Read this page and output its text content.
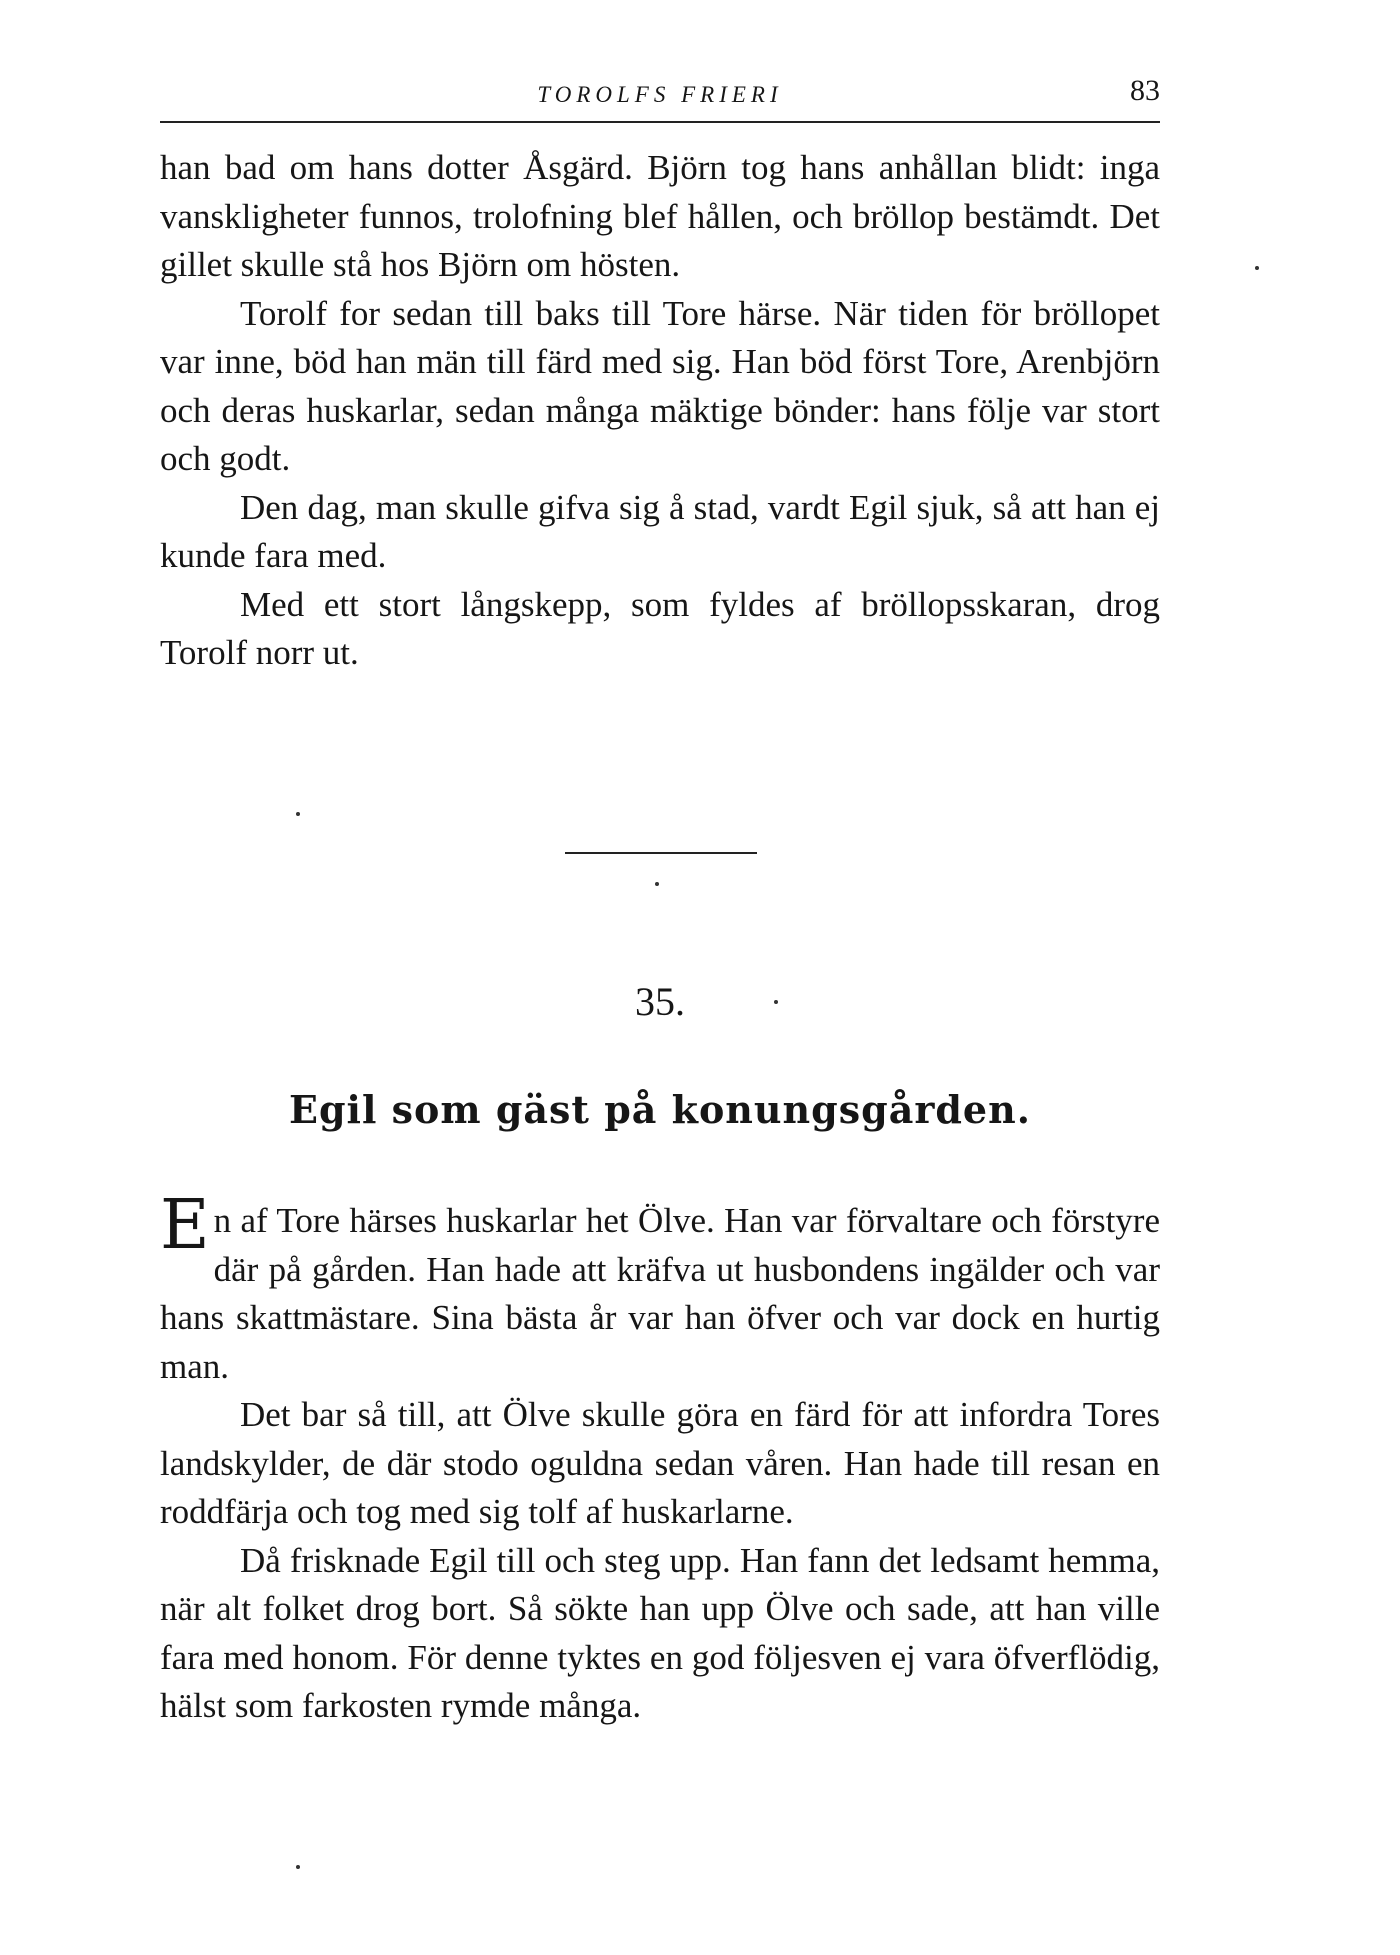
TOROLFS FRIERI	83

han bad om hans dotter Åsgärd. Björn tog hans anhållan blidt: inga vanskligheter funnos, trolofning blef hållen, och bröllop bestämdt. Det gillet skulle stå hos Björn om hösten.

Torolf for sedan till baks till Tore härse. När tiden för bröllopet var inne, böd han män till färd med sig. Han böd först Tore, Arenbjörn och deras huskarlar, sedan många mäktige bönder: hans följe var stort och godt.

Den dag, man skulle gifva sig å stad, vardt Egil sjuk, så att han ej kunde fara med.

Med ett stort långskepp, som fyldes af bröllopsskaran, drog Torolf norr ut.

35.
Egil som gäst på konungsgården.

En af Tore härses huskarlar het Ölve. Han var förvaltare och förstyre där på gården. Han hade att kräfva ut husbondens ingälder och var hans skattmästare. Sina bästa år var han öfver och var dock en hurtig man.

Det bar så till, att Ölve skulle göra en färd för att infordra Tores landskylder, de där stodo oguldna sedan våren. Han hade till resan en roddfärja och tog med sig tolf af huskarlarne.

Då frisknade Egil till och steg upp. Han fann det ledsamt hemma, när alt folket drog bort. Så sökte han upp Ölve och sade, att han ville fara med honom. För denne tyktes en god följesven ej vara öfverflödig, hälst som farkosten rymde många.
